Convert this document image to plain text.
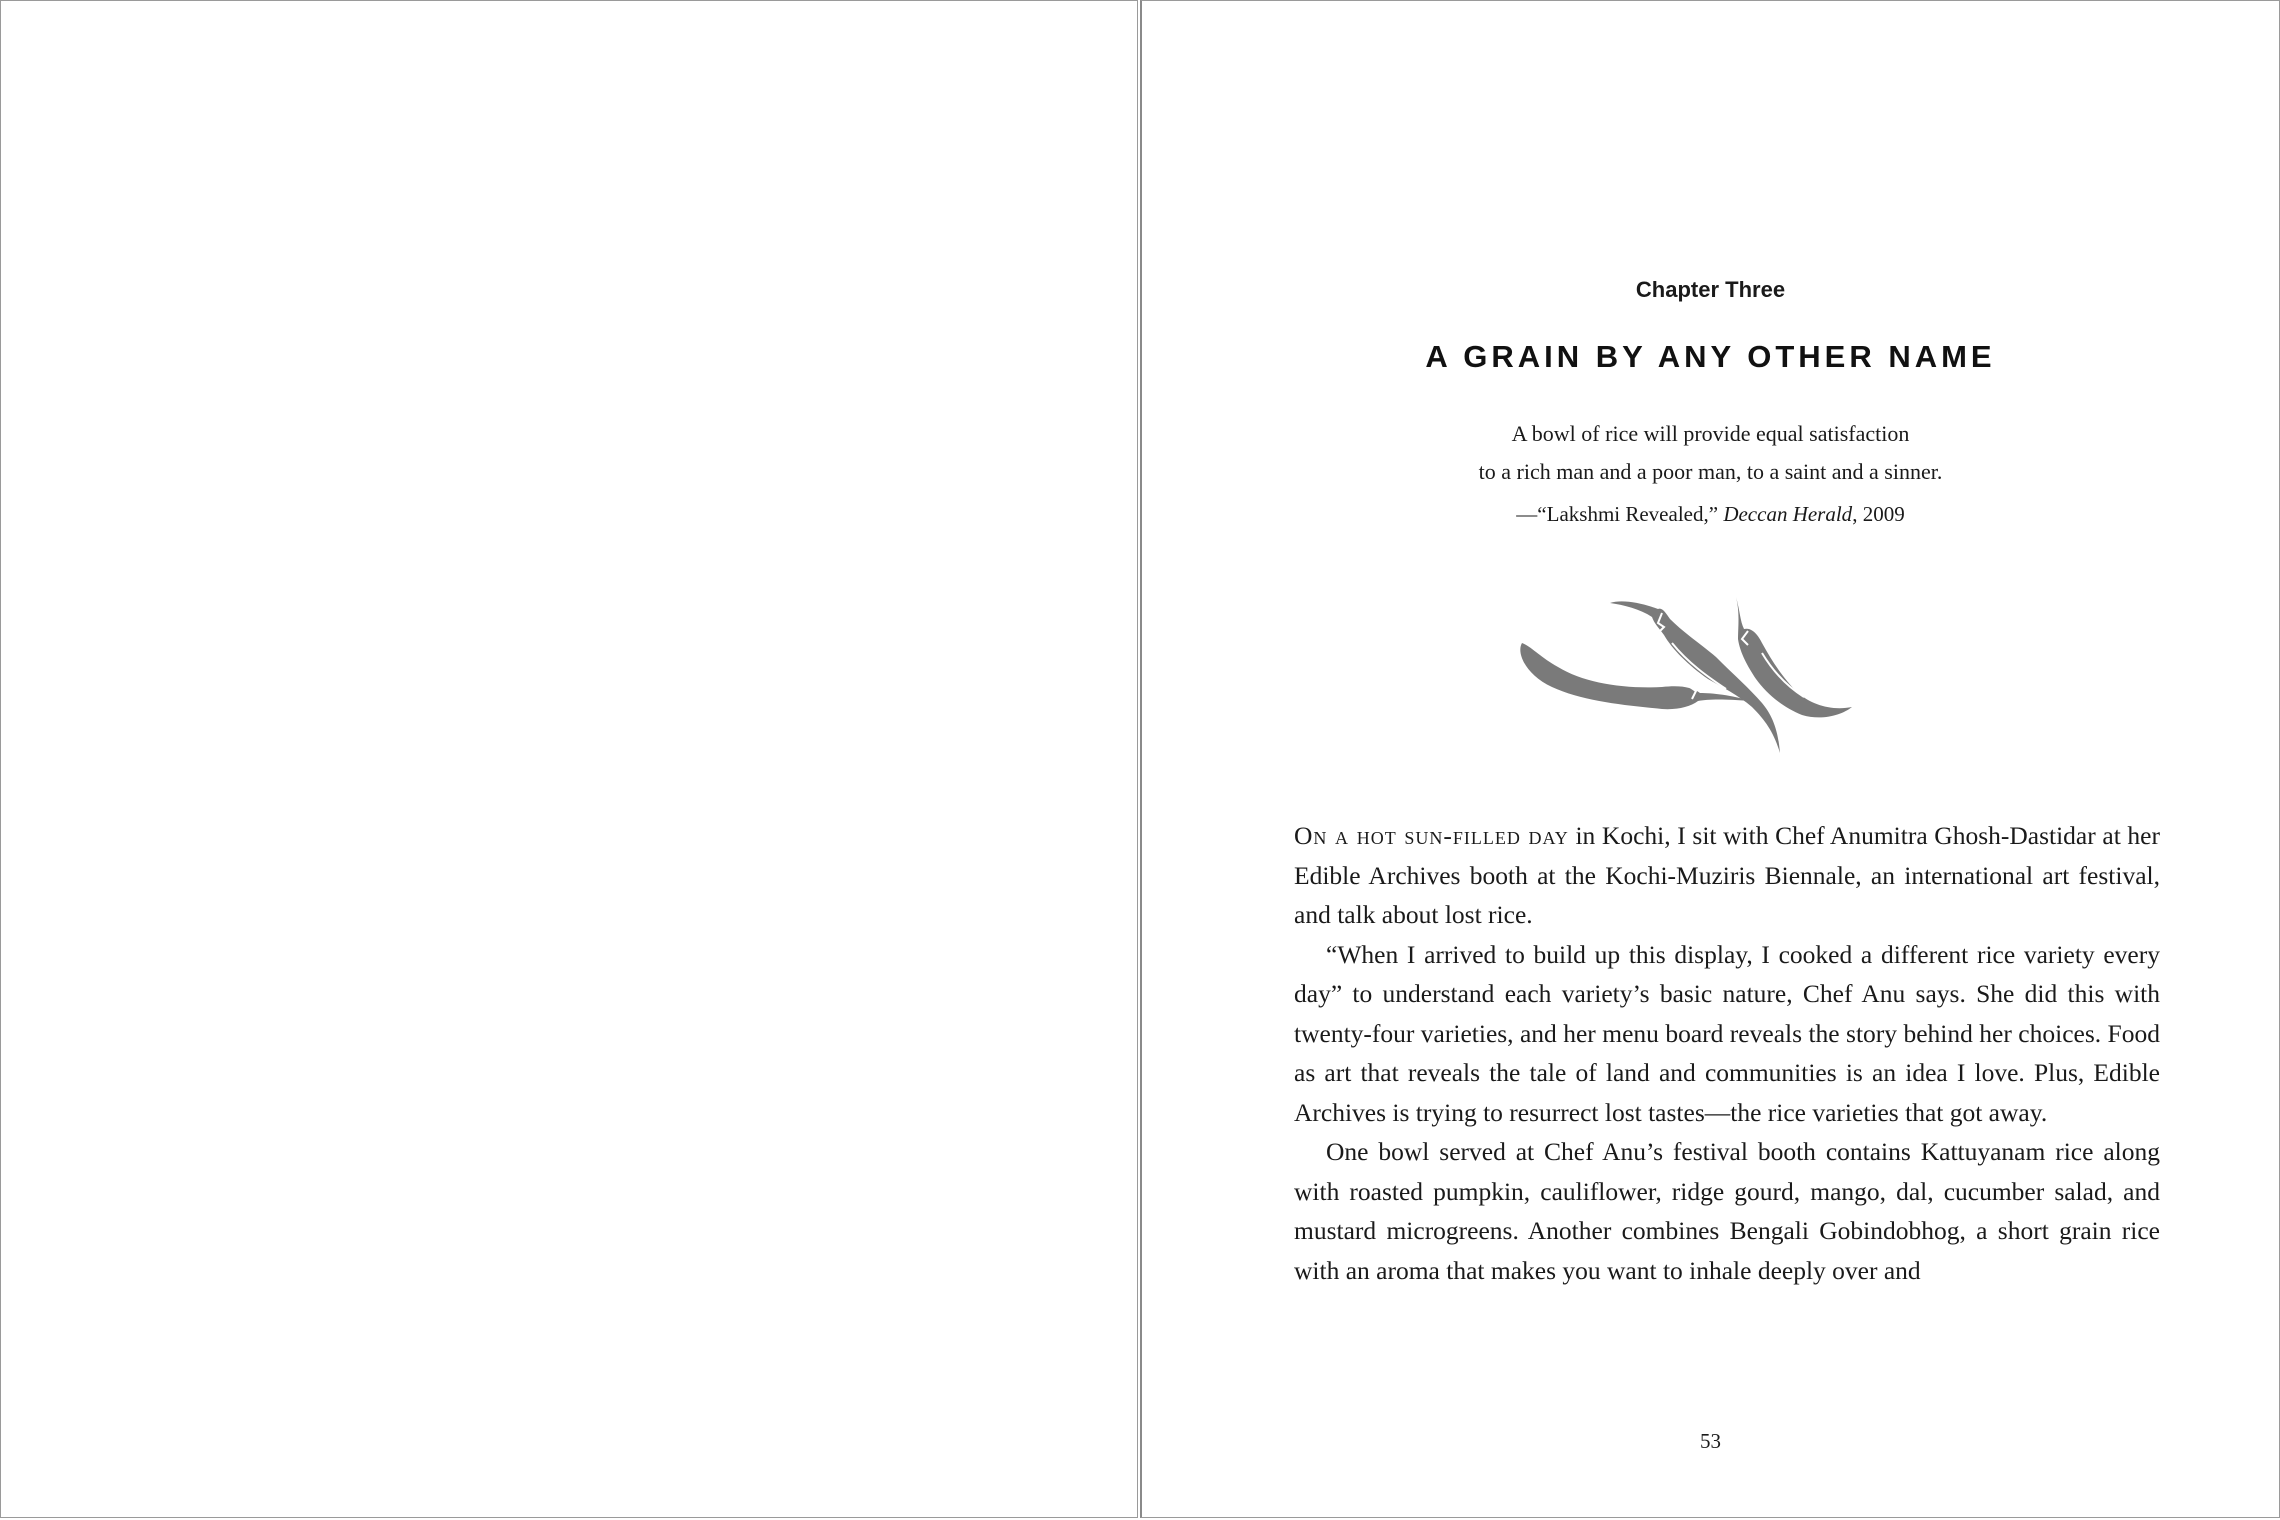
Chapter Three
A GRAIN BY ANY OTHER NAME
A bowl of rice will provide equal satisfaction
to a rich man and a poor man, to a saint and a sinner.
—“Lakshmi Revealed,” Deccan Herald, 2009

On a hot sun-filled day in Kochi, I sit with Chef Anumitra Ghosh-Dastidar at her Edible Archives booth at the Kochi-Muziris Biennale, an international art festival, and talk about lost rice.

“When I arrived to build up this display, I cooked a different rice variety every day” to understand each variety’s basic nature, Chef Anu says. She did this with twenty-four varieties, and her menu board reveals the story behind her choices. Food as art that reveals the tale of land and communities is an idea I love. Plus, Edible Archives is trying to resurrect lost tastes—the rice varieties that got away.

One bowl served at Chef Anu’s festival booth contains Kattuyanam rice along with roasted pumpkin, cauliflower, ridge gourd, mango, dal, cucumber salad, and mustard microgreens. Another combines Bengali Gobindobhog, a short grain rice with an aroma that makes you want to inhale deeply over and

53
